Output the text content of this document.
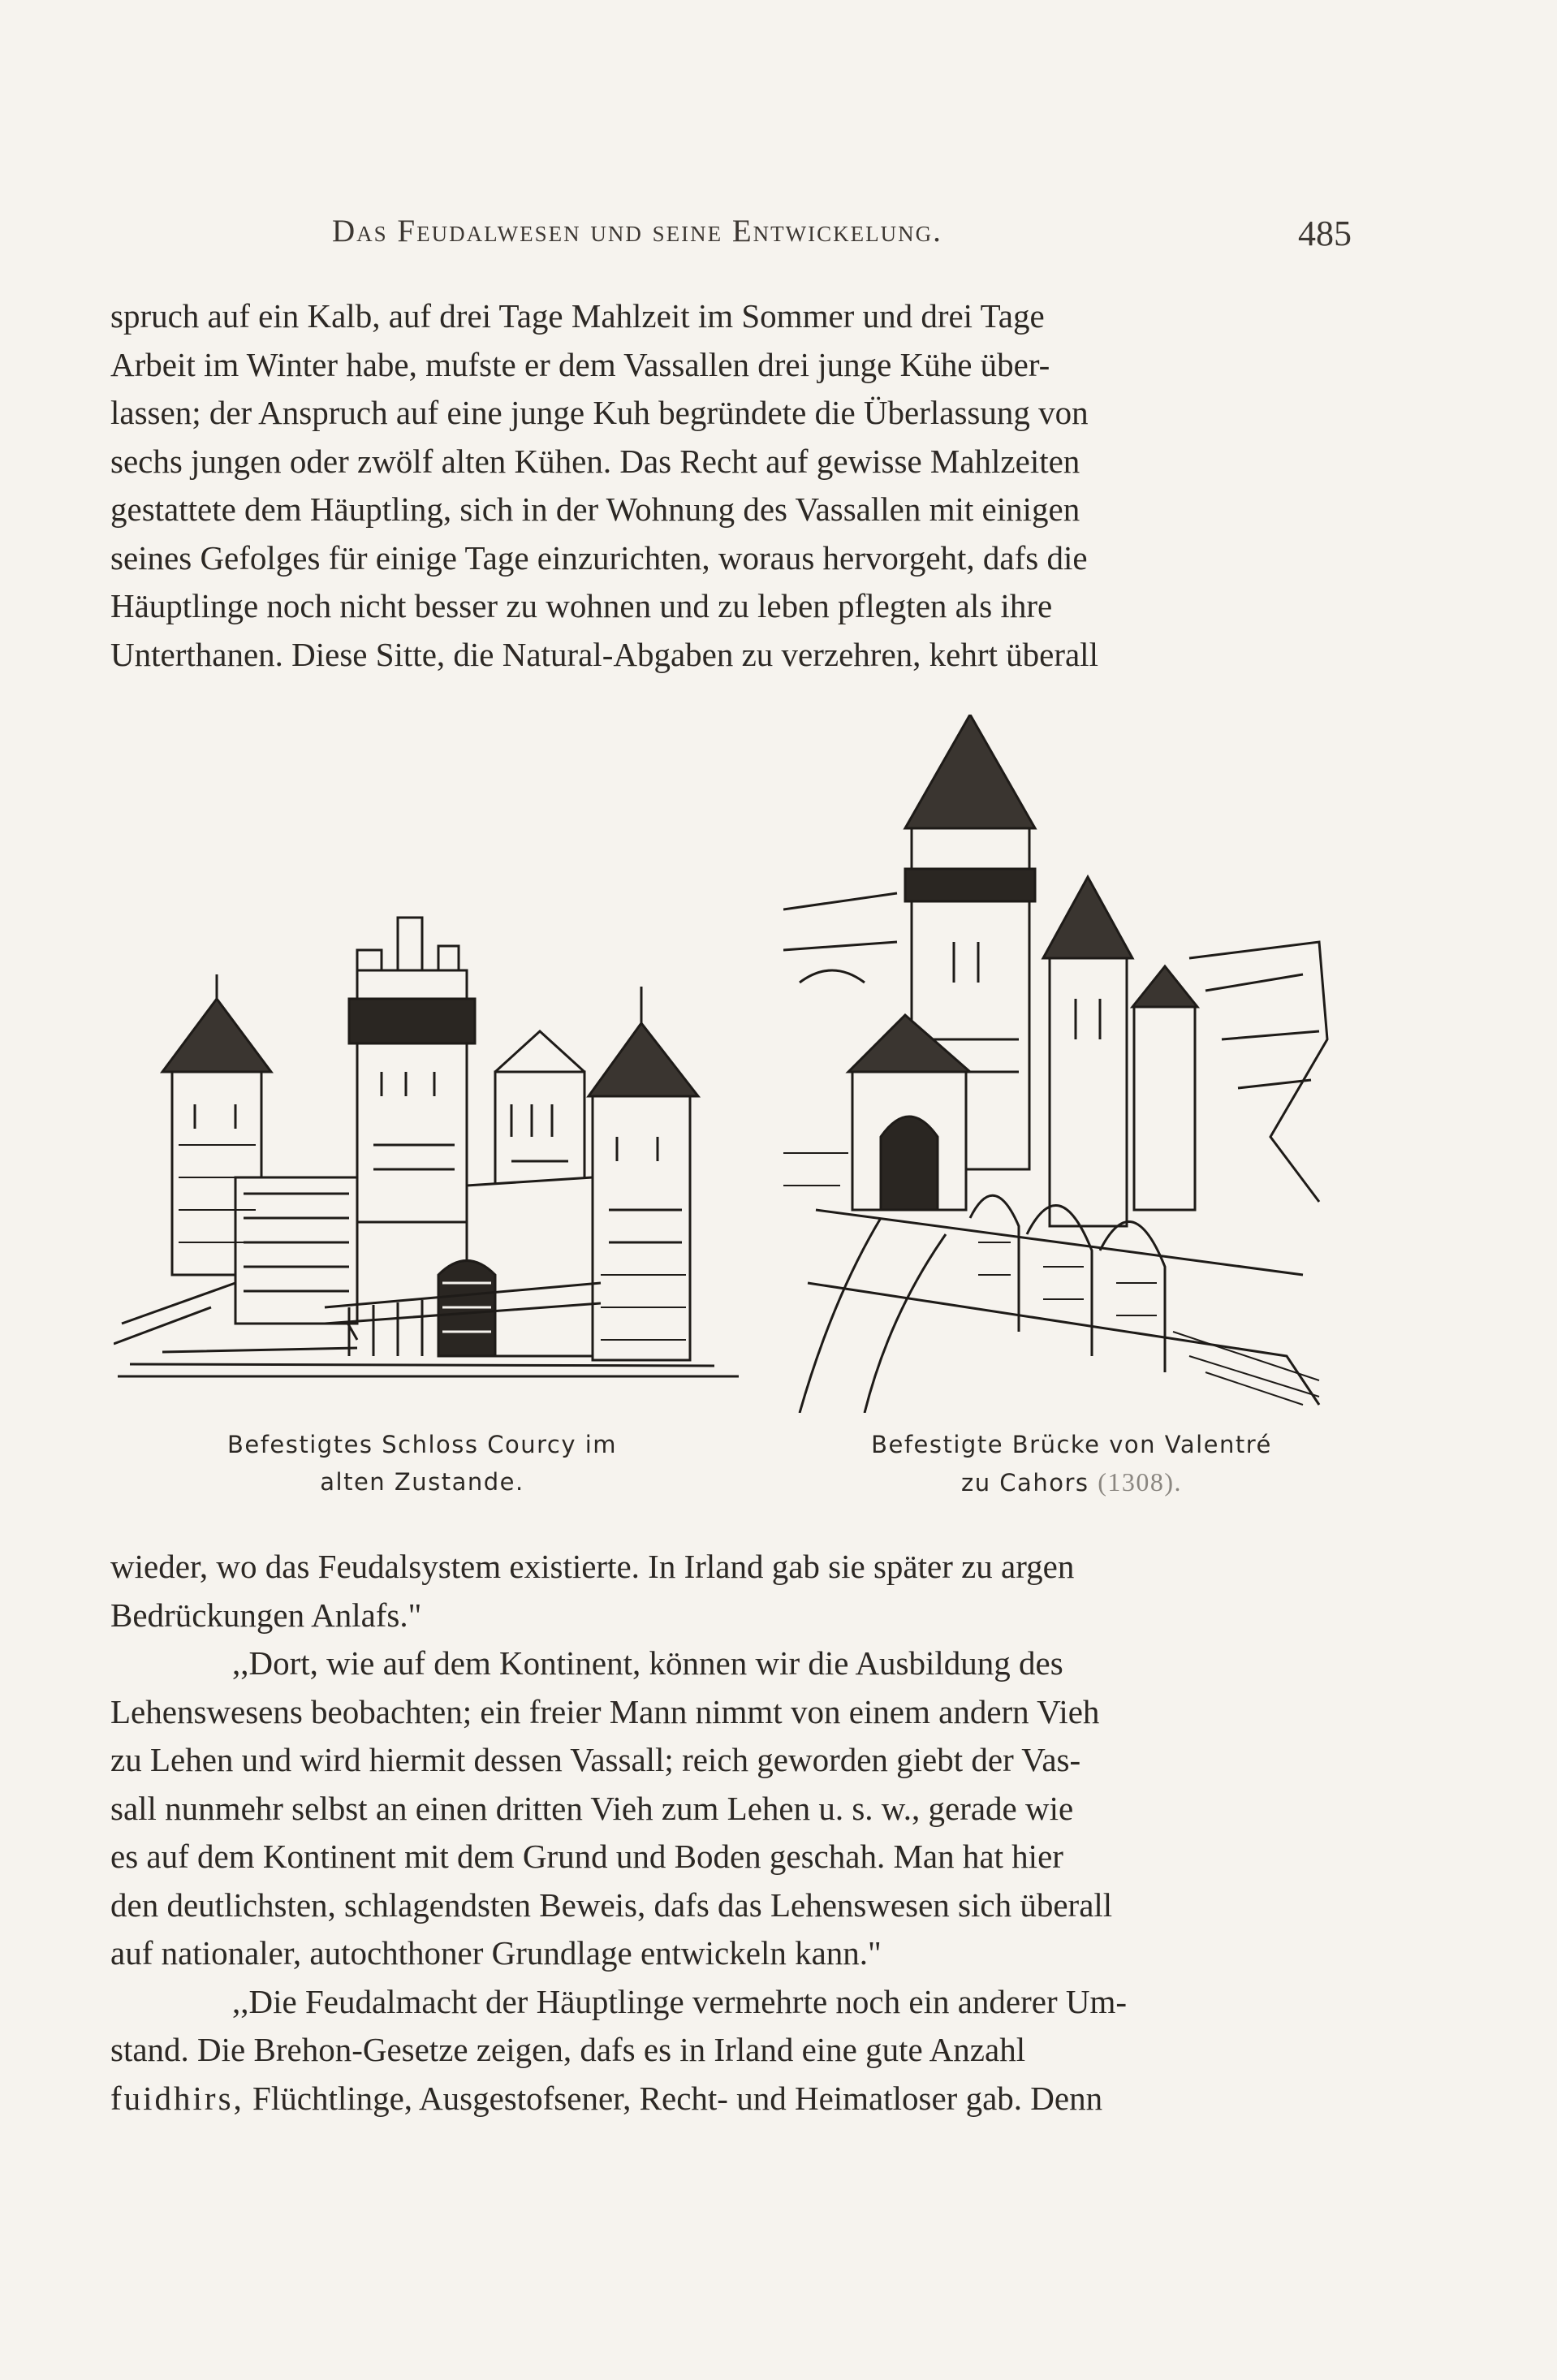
Das Feudalwesen und seine Entwickelung.	485

spruch auf ein Kalb, auf drei Tage Mahlzeit im Sommer und drei Tage

Arbeit im Winter habe, mufste er dem Vassallen drei junge Kühe über-

lassen; der Anspruch auf eine junge Kuh begründete die Überlassung von

sechs jungen oder zwölf alten Kühen. Das Recht auf gewisse Mahlzeiten

gestattete dem Häuptling, sich in der Wohnung des Vassallen mit einigen

seines Gefolges für einige Tage einzurichten, woraus hervorgeht, dafs die

Häuptlinge noch nicht besser zu wohnen und zu leben pflegten als ihre

Unterthanen. Diese Sitte, die Natural-Abgaben zu verzehren, kehrt überall

Befestigtes Schloss Courcy im
alten Zustande.
Befestigte Brücke von Valentré
zu Cahors (1308).

wieder, wo das Feudalsystem existierte. In Irland gab sie später zu argen

Bedrückungen Anlafs."

,,Dort, wie auf dem Kontinent, können wir die Ausbildung des

Lehenswesens beobachten; ein freier Mann nimmt von einem andern Vieh

zu Lehen und wird hiermit dessen Vassall; reich geworden giebt der Vas-

sall nunmehr selbst an einen dritten Vieh zum Lehen u. s. w., gerade wie

es auf dem Kontinent mit dem Grund und Boden geschah. Man hat hier

den deutlichsten, schlagendsten Beweis, dafs das Lehenswesen sich überall

auf nationaler, autochthoner Grundlage entwickeln kann."

,,Die Feudalmacht der Häuptlinge vermehrte noch ein anderer Um-

stand. Die Brehon-Gesetze zeigen, dafs es in Irland eine gute Anzahl

fuidhirs, Flüchtlinge, Ausgestofsener, Recht- und Heimatloser gab. Denn
